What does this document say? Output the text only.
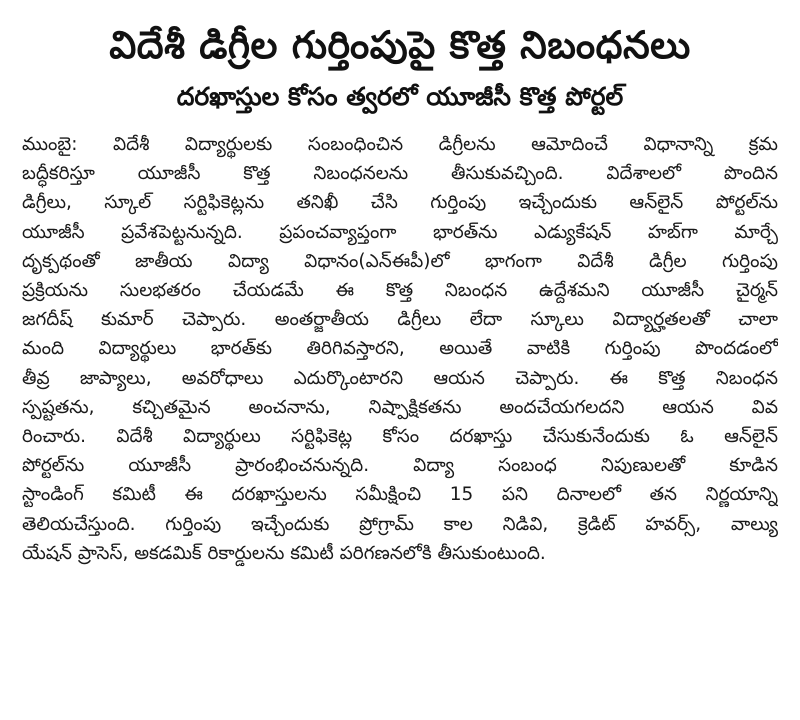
విదేశీ డిగ్రీల గుర్తింపుపై కొత్త నిబంధనలు
దరఖాస్తుల కోసం త్వరలో యూజీసీ కొత్త పోర్టల్
ముంబై: విదేశీ విద్యార్థులకు సంబంధించిన డిగ్రీలను ఆమోదించే విధానాన్ని క్రమ
బద్ధీకరిస్తూ యూజీసీ కొత్త నిబంధనలను తీసుకువచ్చింది. విదేశాలలో పొందిన
డిగ్రీలు, స్కూల్ సర్టిఫికెట్లను తనిఖీ చేసి గుర్తింపు ఇచ్చేందుకు ఆన్‌లైన్ పోర్టల్‌ను
యూజీసీ ప్రవేశపెట్టనున్నది. ప్రపంచవ్యాప్తంగా భారత్‌ను ఎడ్యుకేషన్ హబ్‌గా మార్చే
దృక్పథంతో జాతీయ విద్యా విధానం(ఎన్ఈపీ)లో భాగంగా విదేశీ డిగ్రీల గుర్తింపు
ప్రక్రియను సులభతరం చేయడమే ఈ కొత్త నిబంధన ఉద్దేశమని యూజీసీ చైర్మన్
జగదీష్ కుమార్ చెప్పారు. అంతర్జాతీయ డిగ్రీలు లేదా స్కూలు విద్యార్హతలతో చాలా
మంది విద్యార్థులు భారత్‌కు తిరిగివస్తారని, అయితే వాటికి గుర్తింపు పొందడంలో
తీవ్ర జాప్యాలు, అవరోధాలు ఎదుర్కొంటారని ఆయన చెప్పారు. ఈ కొత్త నిబంధన
స్పష్టతను, కచ్చితమైన అంచనాను, నిష్పాక్షికతను అందచేయగలదని ఆయన వివ
రించారు. విదేశీ విద్యార్థులు సర్టిఫికెట్ల కోసం దరఖాస్తు చేసుకునేందుకు ఓ ఆన్‌లైన్
పోర్టల్‌ను యూజీసీ ప్రారంభించనున్నది. విద్యా సంబంధ నిపుణులతో కూడిన
స్టాండింగ్ కమిటీ ఈ దరఖాస్తులను సమీక్షించి 15 పని దినాలలో తన నిర్ణయాన్ని
తెలియచేస్తుంది. గుర్తింపు ఇచ్చేందుకు ప్రోగ్రామ్ కాల నిడివి, క్రెడిట్ హవర్స్, వాల్యు
యేషన్ ప్రాసెస్, అకడమిక్ రికార్డులను కమిటీ పరిగణనలోకి తీసుకుంటుంది.
